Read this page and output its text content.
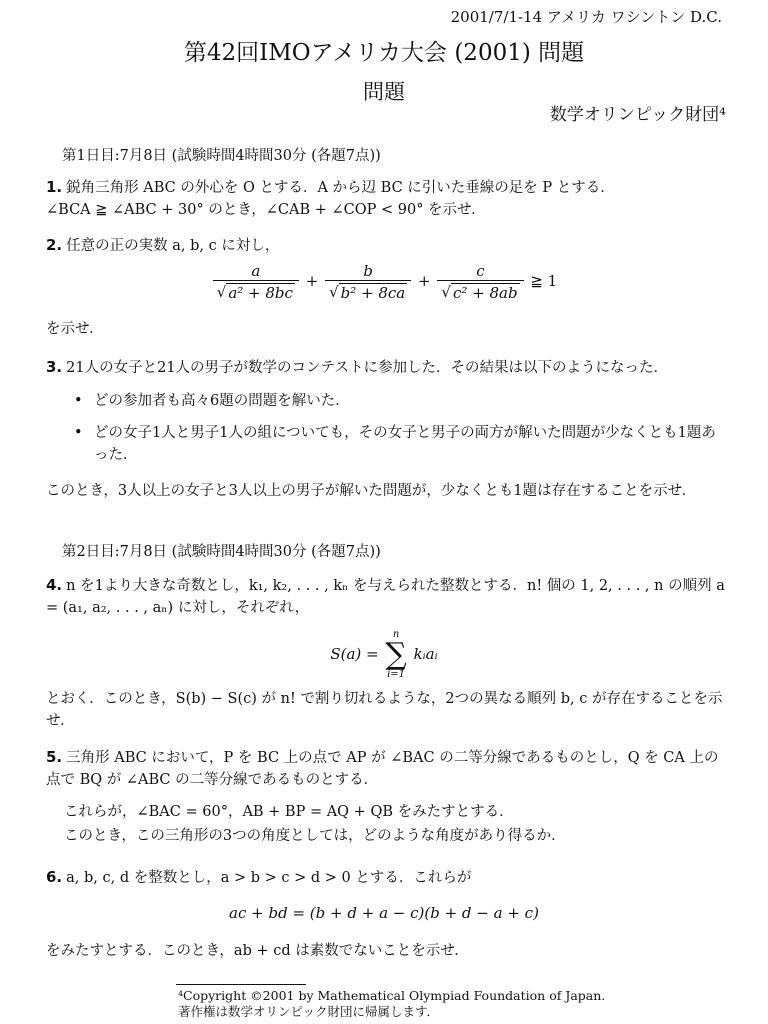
2001/7/1-14 アメリカ ワシントン D.C.
第42回IMOアメリカ大会 (2001) 問題
問題
数学オリンピック財団⁴
第1日目:7月8日 (試験時間4時間30分 (各題7点))
1. 鋭角三角形 ABC の外心を O とする．A から辺 BC に引いた垂線の足を P とする．
∠BCA ≧ ∠ABC + 30° のとき，∠CAB + ∠COP < 90° を示せ．
2. 任意の正の実数 a, b, c に対し，
$\frac{a}{\text{√ a² + 8bc}} + \frac{b}{\text{√ b² + 8ca}} + \frac{c}{\text{√ c² + 8ab}}$ ≧ 1
を示せ．
3. 21人の女子と21人の男子が数学のコンテストに参加した．その結果は以下のようになった．
• どの参加者も高々6題の問題を解いた．
• どの女子1人と男子1人の組についても，その女子と男子の両方が解いた問題が少なくとも1題あった．
このとき，3人以上の女子と3人以上の男子が解いた問題が，少なくとも1題は存在することを示せ．
第2日目:7月8日 (試験時間4時間30分 (各題7点))
4. n を1より大きな奇数とし，k₁, k₂, . . . , kₙ を与えられた整数とする．n! 個の 1, 2, . . . , n の順列 a = (a₁, a₂, . . . , aₙ) に対し，それぞれ，
S(a) =
n
∑
i=1
kᵢaᵢ
とおく．このとき，S(b) − S(c) が n! で割り切れるような，2つの異なる順列 b, c が存在することを示せ．
5. 三角形 ABC において，P を BC 上の点で AP が ∠BAC の二等分線であるものとし，Q を CA 上の点で BQ が ∠ABC の二等分線であるものとする．
これらが，∠BAC = 60°，AB + BP = AQ + QB をみたすとする．
このとき，この三角形の3つの角度としては，どのような角度があり得るか．
6. a, b, c, d を整数とし，a > b > c > d > 0 とする．これらが
ac + bd = (b + d + a − c)(b + d − a + c)
をみたすとする．このとき，ab + cd は素数でないことを示せ．
⁴Copyright ©2001 by Mathematical Olympiad Foundation of Japan.
著作権は数学オリンピック財団に帰属します．
